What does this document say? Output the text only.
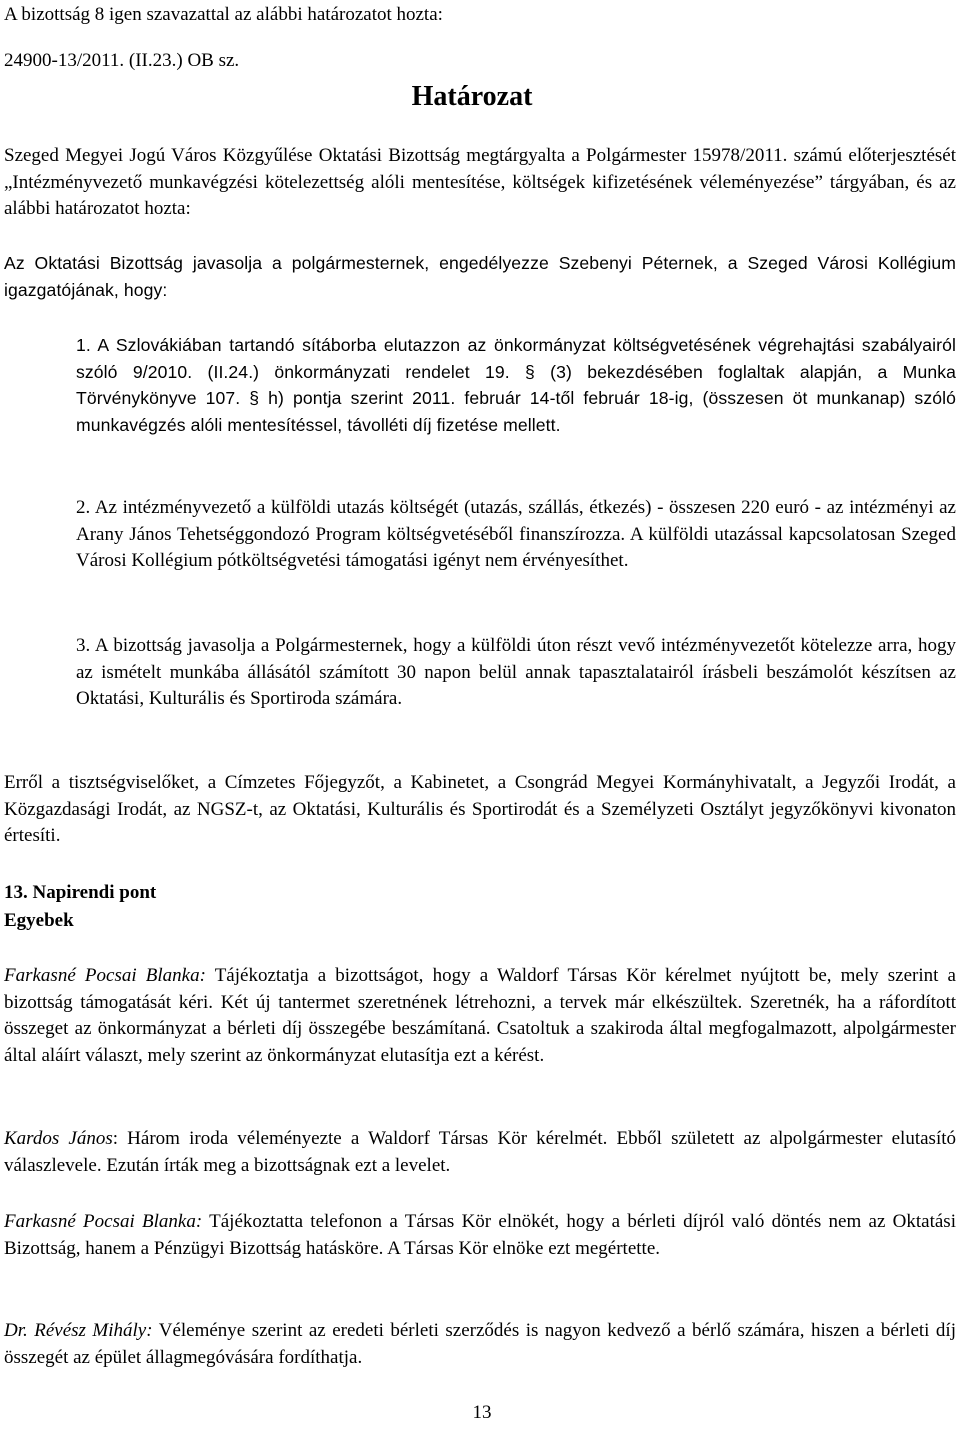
A bizottság 8 igen szavazattal az alábbi határozatot hozta:

24900-13/2011. (II.23.) OB sz.

Határozat

Szeged Megyei Jogú Város Közgyűlése Oktatási Bizottság megtárgyalta a Polgármester 15978/2011. számú előterjesztését „Intézményvezető munkavégzési kötelezettség alóli mentesítése, költségek kifizetésének véleményezése” tárgyában, és az alábbi határozatot hozta:

Az Oktatási Bizottság javasolja a polgármesternek, engedélyezze Szebenyi Péternek, a Szeged Városi Kollégium igazgatójának, hogy:

1. A Szlovákiában tartandó sítáborba elutazzon az önkormányzat költségvetésének végrehajtási szabályairól szóló 9/2010. (II.24.) önkormányzati rendelet 19. § (3) bekezdésében foglaltak alapján, a Munka Törvénykönyve 107. § h) pontja szerint 2011. február 14-től február 18-ig, (összesen öt munkanap) szóló munkavégzés alóli mentesítéssel, távolléti díj fizetése mellett.

2. Az intézményvezető a külföldi utazás költségét (utazás, szállás, étkezés) - összesen 220 euró - az intézményi az Arany János Tehetséggondozó Program költségvetéséből finanszírozza. A külföldi utazással kapcsolatosan Szeged Városi Kollégium pótköltségvetési támogatási igényt nem érvényesíthet.

3. A bizottság javasolja a Polgármesternek, hogy a külföldi úton részt vevő intézményvezetőt kötelezze arra, hogy az ismételt munkába állásától számított 30 napon belül annak tapasztalatairól írásbeli beszámolót készítsen az Oktatási, Kulturális és Sportiroda számára.

Erről a tisztségviselőket, a Címzetes Főjegyzőt, a Kabinetet, a Csongrád Megyei Kormányhivatalt, a Jegyzői Irodát, a Közgazdasági Irodát, az NGSZ-t, az Oktatási, Kulturális és Sportirodát és a Személyzeti Osztályt jegyzőkönyvi kivonaton értesíti.

13. Napirendi pont

Egyebek

Farkasné Pocsai Blanka: Tájékoztatja a bizottságot, hogy a Waldorf Társas Kör kérelmet nyújtott be, mely szerint a bizottság támogatását kéri. Két új tantermet szeretnének létrehozni, a tervek már elkészültek. Szeretnék, ha a ráfordított összeget az önkormányzat a bérleti díj összegébe beszámítaná. Csatoltuk a szakiroda által megfogalmazott, alpolgármester által aláírt választ, mely szerint az önkormányzat elutasítja ezt a kérést.

Kardos János: Három iroda véleményezte a Waldorf Társas Kör kérelmét. Ebből született az alpolgármester elutasító válaszlevele. Ezután írták meg a bizottságnak ezt a levelet.

Farkasné Pocsai Blanka: Tájékoztatta telefonon a Társas Kör elnökét, hogy a bérleti díjról való döntés nem az Oktatási Bizottság, hanem a Pénzügyi Bizottság hatásköre. A Társas Kör elnöke ezt megértette.

Dr. Révész Mihály: Véleménye szerint az eredeti bérleti szerződés is nagyon kedvező a bérlő számára, hiszen a bérleti díj összegét az épület állagmegóvására fordíthatja.

13
